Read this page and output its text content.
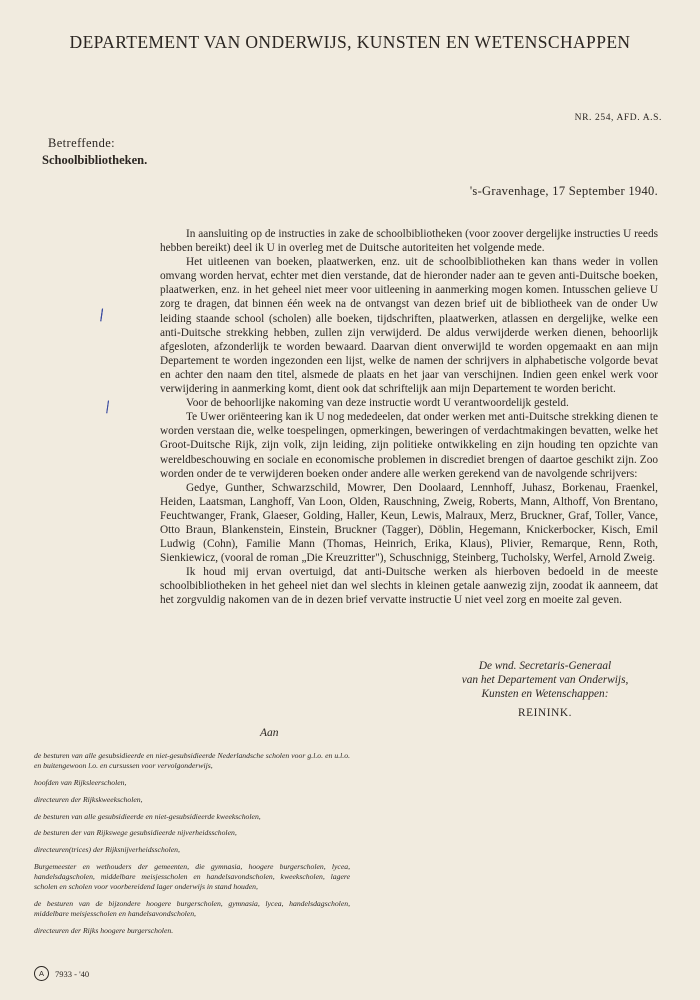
DEPARTEMENT VAN ONDERWIJS, KUNSTEN EN WETENSCHAPPEN
NR. 254, AFD. A.S.
Betreffende:
Schoolbibliotheken.
's-Gravenhage, 17 September 1940.
|||
||

In aansluiting op de instructies in zake de schoolbibliotheken (voor zoover dergelijke instructies U reeds hebben bereikt) deel ik U in overleg met de Duitsche autoriteiten het volgende mede.

Het uitleenen van boeken, plaatwerken, enz. uit de schoolbibliotheken kan thans weder in vollen omvang worden hervat, echter met dien verstande, dat de hieronder nader aan te geven anti-Duitsche boeken, plaatwerken, enz. in het geheel niet meer voor uitleening in aanmerking mogen komen. Intusschen gelieve U zorg te dragen, dat binnen één week na de ontvangst van dezen brief uit de bibliotheek van de onder Uw leiding staande school (scholen) alle boeken, tijdschriften, plaatwerken, atlassen en dergelijke, welke een anti-Duitsche strekking hebben, zullen zijn verwijderd. De aldus verwijderde werken dienen, behoorlijk afgesloten, afzonderlijk te worden bewaard. Daarvan dient onverwijld te worden opgemaakt en aan mijn Departement te worden ingezonden een lijst, welke de namen der schrijvers in alphabetische volgorde bevat en achter den naam den titel, alsmede de plaats en het jaar van verschijnen. Indien geen enkel werk voor verwijdering in aanmerking komt, dient ook dat schriftelijk aan mijn Departement te worden bericht.

Voor de behoorlijke nakoming van deze instructie wordt U verantwoordelijk gesteld.

Te Uwer oriënteering kan ik U nog mededeelen, dat onder werken met anti-Duitsche strekking dienen te worden verstaan die, welke toespelingen, opmerkingen, beweringen of verdachtmakingen bevatten, welke het Groot-Duitsche Rijk, zijn volk, zijn leiding, zijn politieke ontwikkeling en zijn houding ten opzichte van wereldbeschouwing en sociale en economische problemen in discrediet brengen of daartoe geschikt zijn. Zoo worden onder de te verwijderen boeken onder andere alle werken gerekend van de navolgende schrijvers:

Gedye, Gunther, Schwarzschild, Mowrer, Den Doolaard, Lennhoff, Juhasz, Borkenau, Fraenkel, Heiden, Laatsman, Langhoff, Van Loon, Olden, Rauschning, Zweig, Roberts, Mann, Althoff, Von Brentano, Feuchtwanger, Frank, Glaeser, Golding, Haller, Keun, Lewis, Malraux, Merz, Bruckner, Graf, Toller, Vance, Otto Braun, Blankenstein, Einstein, Bruckner (Tagger), Döblin, Hegemann, Knickerbocker, Kisch, Emil Ludwig (Cohn), Familie Mann (Thomas, Heinrich, Erika, Klaus), Plivier, Remarque, Renn, Roth, Sienkiewicz, (vooral de roman „Die Kreuzritter"), Schuschnigg, Steinberg, Tucholsky, Werfel, Arnold Zweig.

Ik houd mij ervan overtuigd, dat anti-Duitsche werken als hierboven bedoeld in de meeste schoolbibliotheken in het geheel niet dan wel slechts in kleinen getale aanwezig zijn, zoodat ik aanneem, dat het zorgvuldig nakomen van de in dezen brief vervatte instructie U niet veel zorg en moeite zal geven.

De wnd. Secretaris-Generaal
van het Departement van Onderwijs,
Kunsten en Wetenschappen:
REININK.
Aan
de besturen van alle gesubsidieerde en niet-gesubsidieerde Nederlandsche scholen voor g.l.o. en u.l.o. en buitengewoon l.o. en cursussen voor vervolgonderwijs,
hoofden van Rijksleerscholen,
directeuren der Rijkskweekscholen,
de besturen van alle gesubsidieerde en niet-gesubsidieerde kweekscholen,
de besturen der van Rijkswege gesubsidieerde nijverheidsscholen,
directeuren(trices) der Rijksnijverheidsscholen,
Burgemeester en wethouders der gemeenten, die gymnasia, hoogere burgerscholen, lycea, handelsdagscholen, middelbare meisjesscholen en handelsavondscholen, kweekscholen, lagere scholen en scholen voor voorbereidend lager onderwijs in stand houden,
de besturen van de bijzondere hoogere burgerscholen, gymnasia, lycea, handelsdagscholen, middelbare meisjesscholen en handelsavondscholen,
directeuren der Rijks hoogere burgerscholen.
A	7933 - '40
